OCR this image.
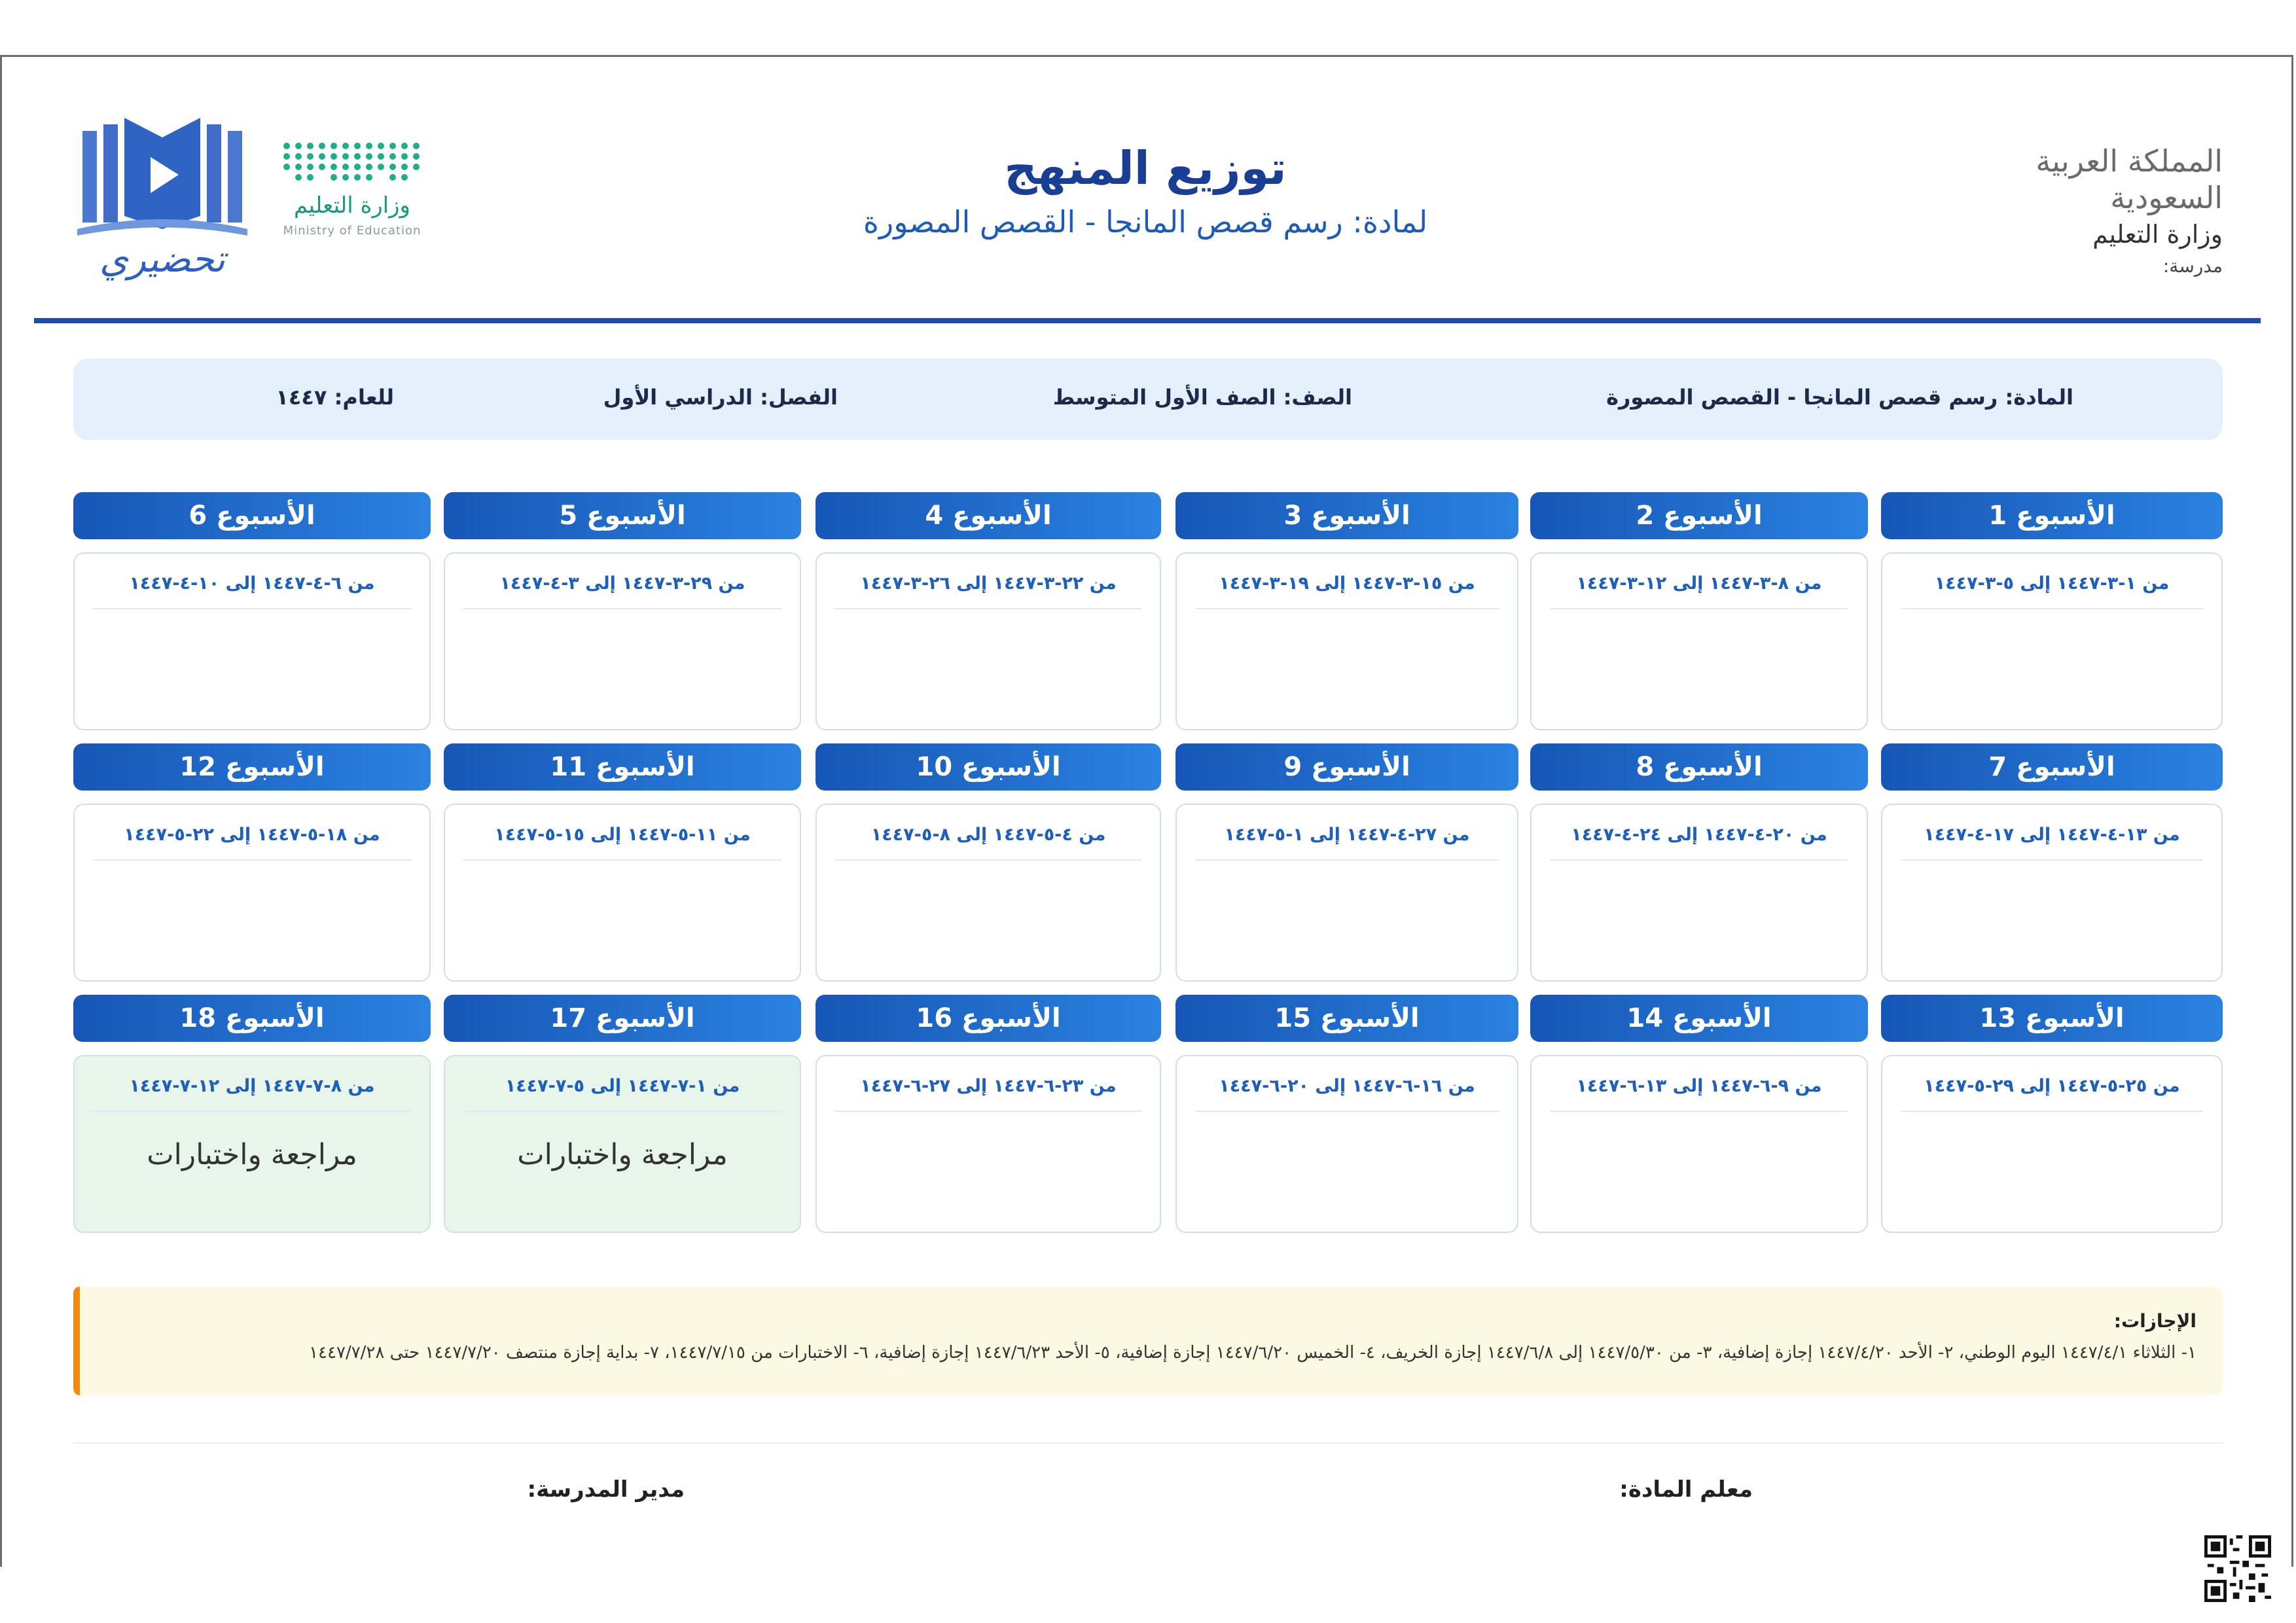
المملكة العربية السعودية
وزارة التعليم
مدرسة:
توزيع المنهج
لمادة: رسم قصص المانجا - القصص المصورة
وزارة التعليم
Ministry of Education
تحضيري
المادة: رسم قصص المانجا - القصص المصورة
الصف: الصف الأول المتوسط
الفصل: الدراسي الأول
للعام: ١٤٤٧
الأسبوع 1
من ١-٣-١٤٤٧ إلى ٥-٣-١٤٤٧
الأسبوع 2
من ٨-٣-١٤٤٧ إلى ١٢-٣-١٤٤٧
الأسبوع 3
من ١٥-٣-١٤٤٧ إلى ١٩-٣-١٤٤٧
الأسبوع 4
من ٢٢-٣-١٤٤٧ إلى ٢٦-٣-١٤٤٧
الأسبوع 5
من ٢٩-٣-١٤٤٧ إلى ٣-٤-١٤٤٧
الأسبوع 6
من ٦-٤-١٤٤٧ إلى ١٠-٤-١٤٤٧
الأسبوع 7
من ١٣-٤-١٤٤٧ إلى ١٧-٤-١٤٤٧
الأسبوع 8
من ٢٠-٤-١٤٤٧ إلى ٢٤-٤-١٤٤٧
الأسبوع 9
من ٢٧-٤-١٤٤٧ إلى ١-٥-١٤٤٧
الأسبوع 10
من ٤-٥-١٤٤٧ إلى ٨-٥-١٤٤٧
الأسبوع 11
من ١١-٥-١٤٤٧ إلى ١٥-٥-١٤٤٧
الأسبوع 12
من ١٨-٥-١٤٤٧ إلى ٢٢-٥-١٤٤٧
الأسبوع 13
من ٢٥-٥-١٤٤٧ إلى ٢٩-٥-١٤٤٧
الأسبوع 14
من ٩-٦-١٤٤٧ إلى ١٣-٦-١٤٤٧
الأسبوع 15
من ١٦-٦-١٤٤٧ إلى ٢٠-٦-١٤٤٧
الأسبوع 16
من ٢٣-٦-١٤٤٧ إلى ٢٧-٦-١٤٤٧
الأسبوع 17
من ١-٧-١٤٤٧ إلى ٥-٧-١٤٤٧
مراجعة واختبارات
الأسبوع 18
من ٨-٧-١٤٤٧ إلى ١٢-٧-١٤٤٧
مراجعة واختبارات
الإجازات:
١- الثلاثاء ١٤٤٧/٤/١ اليوم الوطني، ٢- الأحد ١٤٤٧/٤/٢٠ إجازة إضافية، ٣- من ١٤٤٧/٥/٣٠ إلى ١٤٤٧/٦/٨ إجازة الخريف، ٤- الخميس ١٤٤٧/٦/٢٠ إجازة إضافية، ٥- الأحد ١٤٤٧/٦/٢٣ إجازة إضافية، ٦- الاختبارات من ١٤٤٧/٧/١٥، ٧- بداية إجازة منتصف ١٤٤٧/٧/٢٠ حتى ١٤٤٧/٧/٢٨
معلم المادة:
مدير المدرسة:
